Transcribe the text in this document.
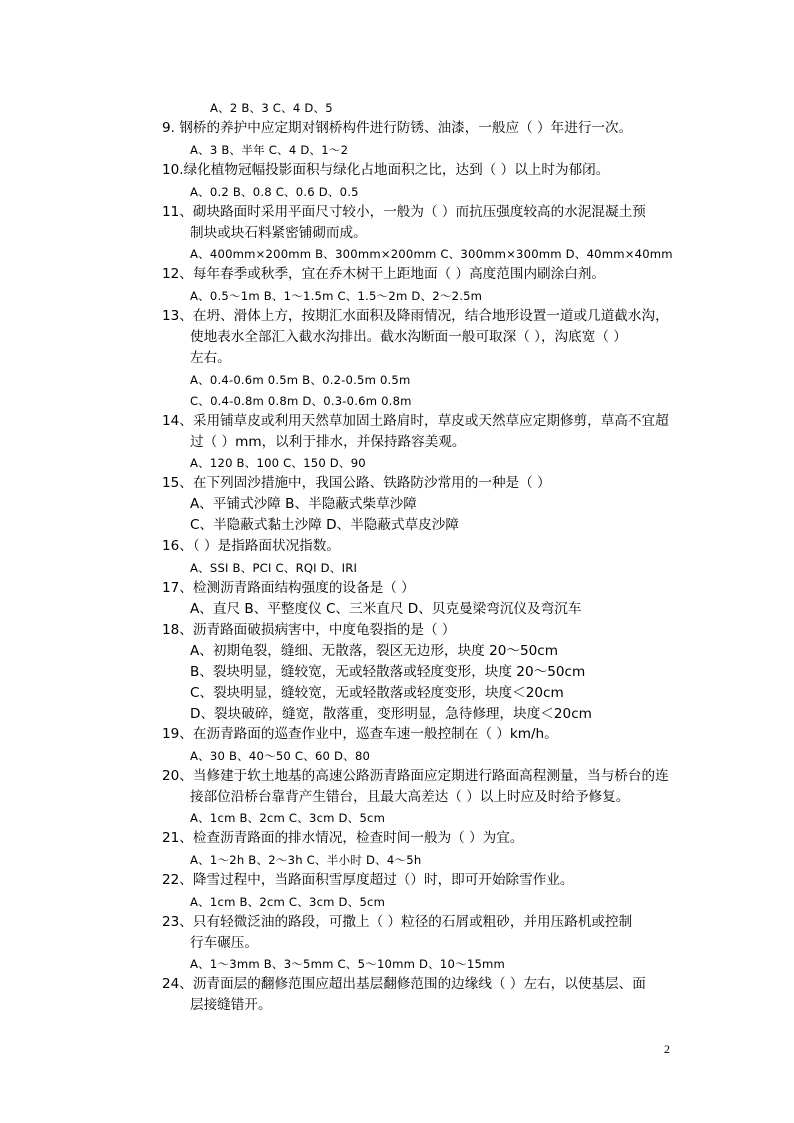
A、2 B、3 C、4 D、5
9. 钢桥的养护中应定期对钢桥构件进行防锈、油漆，一般应（ ）年进行一次。
A、3 B、半年 C、4 D、1～2
10.绿化植物冠幅投影面积与绿化占地面积之比，达到（ ）以上时为郁闭。
A、0.2 B、0.8 C、0.6 D、0.5
11、砌块路面时采用平面尺寸较小，一般为（ ）而抗压强度较高的水泥混凝土预
制块或块石料紧密铺砌而成。
A、400mm×200mm B、300mm×200mm C、300mm×300mm D、40mm×40mm
12、每年春季或秋季，宜在乔木树干上距地面（ ）高度范围内刷涂白剂。
A、0.5～1m B、1～1.5m C、1.5～2m D、2～2.5m
13、在坍、滑体上方，按期汇水面积及降雨情况，结合地形设置一道或几道截水沟，
使地表水全部汇入截水沟排出。截水沟断面一般可取深（ ），沟底宽（ ）
左右。
A、0.4-0.6m 0.5m B、0.2-0.5m 0.5m
C、0.4-0.8m 0.8m D、0.3-0.6m 0.8m
14、采用铺草皮或利用天然草加固土路肩时，草皮或天然草应定期修剪，草高不宜超
过（ ）mm，以利于排水，并保持路容美观。
A、120 B、100 C、150 D、90
15、在下列固沙措施中，我国公路、铁路防沙常用的一种是（ ）
A、平铺式沙障 B、半隐蔽式柴草沙障
C、半隐蔽式黏土沙障 D、半隐蔽式草皮沙障
16、（ ）是指路面状况指数。
A、SSI B、PCI C、RQI D、IRI
17、检测沥青路面结构强度的设备是（ ）
A、直尺 B、平整度仪 C、三米直尺 D、贝克曼梁弯沉仪及弯沉车
18、沥青路面破损病害中，中度龟裂指的是（ ）
A、初期龟裂，缝细、无散落，裂区无边形，块度 20～50cm
B、裂块明显，缝较宽，无或轻散落或轻度变形，块度 20～50cm
C、裂块明显，缝较宽，无或轻散落或轻度变形，块度＜20cm
D、裂块破碎，缝宽，散落重，变形明显，急待修理，块度＜20cm
19、在沥青路面的巡查作业中，巡查车速一般控制在（ ）km/h。
A、30 B、40～50 C、60 D、80
20、当修建于软土地基的高速公路沥青路面应定期进行路面高程测量，当与桥台的连
接部位沿桥台靠背产生错台，且最大高差达（ ）以上时应及时给予修复。
A、1cm B、2cm C、3cm D、5cm
21、检查沥青路面的排水情况，检查时间一般为（ ）为宜。
A、1～2h B、2～3h C、半小时 D、4～5h
22、降雪过程中，当路面积雪厚度超过（）时，即可开始除雪作业。
A、1cm B、2cm C、3cm D、5cm
23、只有轻微泛油的路段，可撒上（ ）粒径的石屑或粗砂，并用压路机或控制
行车碾压。
A、1～3mm B、3～5mm C、5～10mm D、10～15mm
24、沥青面层的翻修范围应超出基层翻修范围的边缘线（ ）左右，以使基层、面
层接缝错开。
2
